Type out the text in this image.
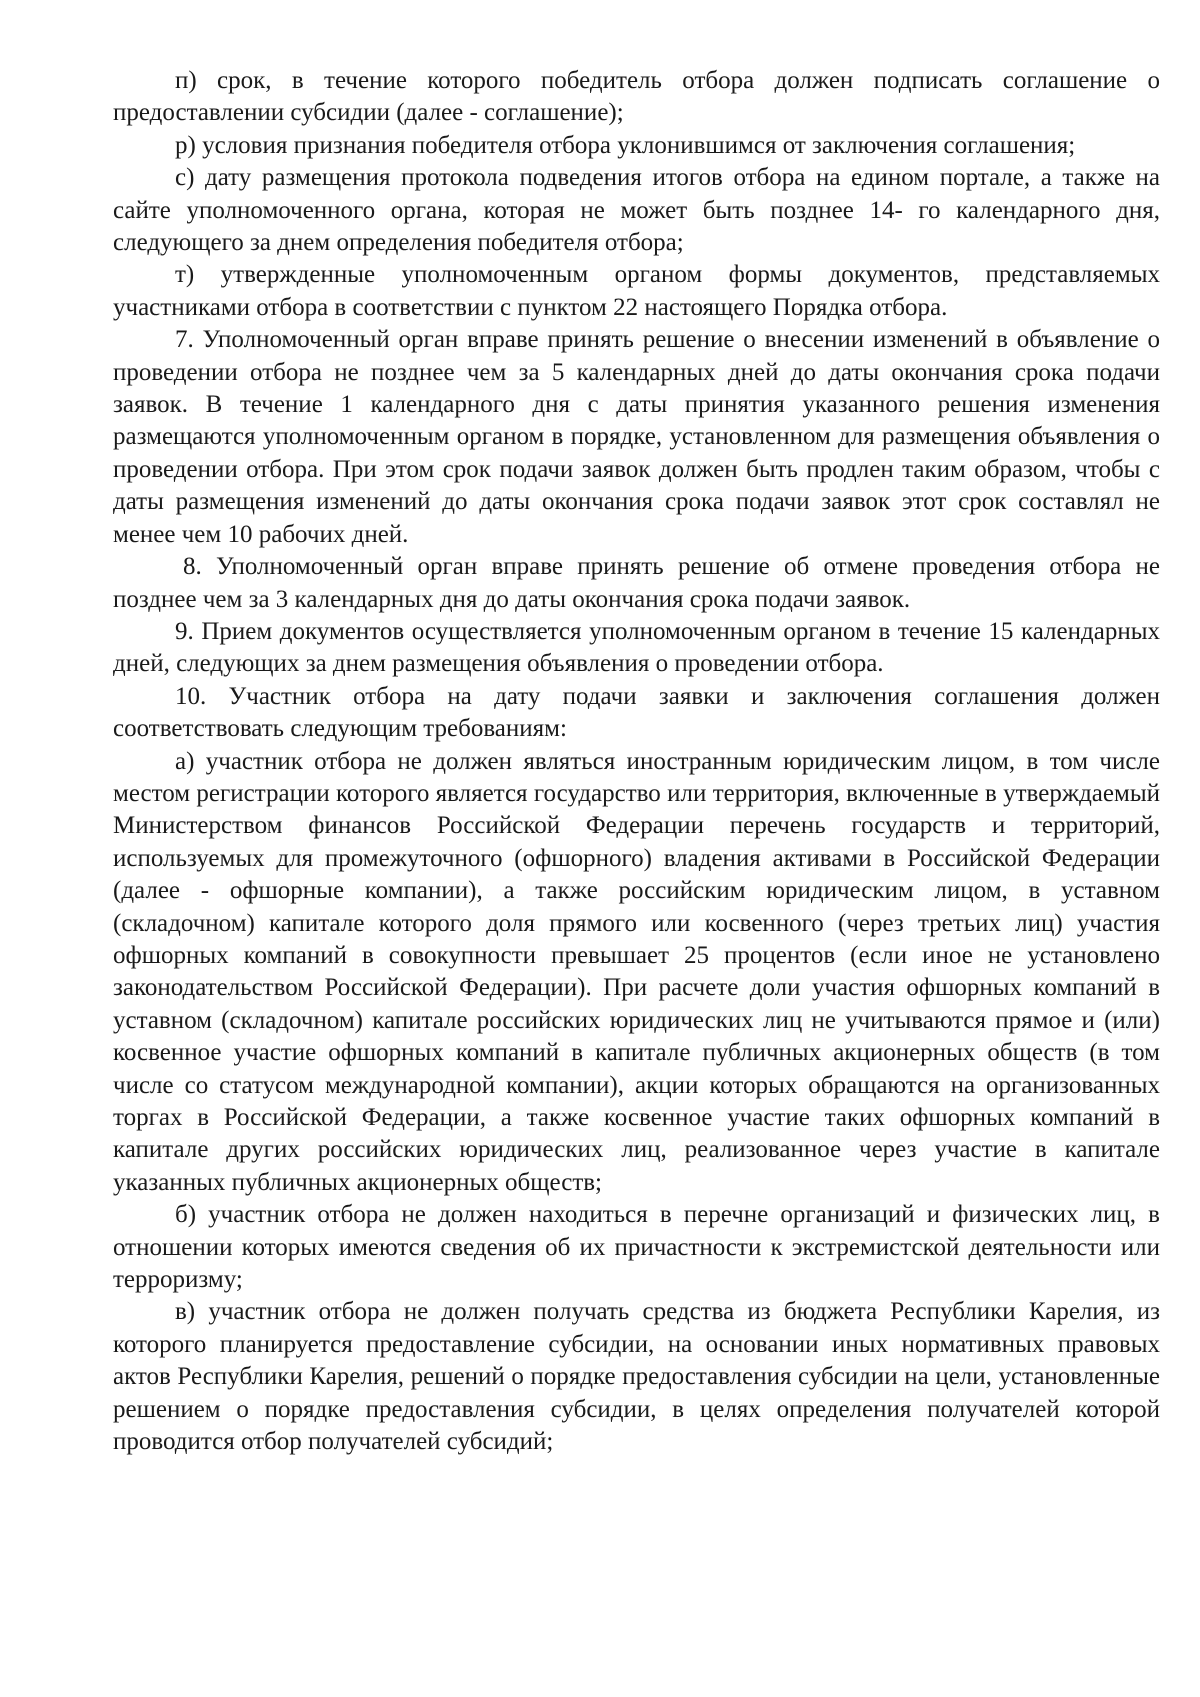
п) срок, в течение которого победитель отбора должен подписать соглашение о предоставлении субсидии (далее - соглашение);

р) условия признания победителя отбора уклонившимся от заключения соглашения;

с) дату размещения протокола подведения итогов отбора на едином портале, а также на сайте уполномоченного органа, которая не может быть позднее 14- го календарного дня, следующего за днем определения победителя отбора;

т) утвержденные уполномоченным органом формы документов, представляемых участниками отбора в соответствии с пунктом 22 настоящего Порядка отбора.

7. Уполномоченный орган вправе принять решение о внесении изменений в объявление о проведении отбора не позднее чем за 5 календарных дней до даты окончания срока подачи заявок. В течение 1 календарного дня с даты принятия указанного решения изменения размещаются уполномоченным органом в порядке, установленном для размещения объявления о проведении отбора. При этом срок подачи заявок должен быть продлен таким образом, чтобы с даты размещения изменений до даты окончания срока подачи заявок этот срок составлял не менее чем 10 рабочих дней.

8. Уполномоченный орган вправе принять решение об отмене проведения отбора не позднее чем за 3 календарных дня до даты окончания срока подачи заявок.

9. Прием документов осуществляется уполномоченным органом в течение 15 календарных дней, следующих за днем размещения объявления о проведении отбора.

10. Участник отбора на дату подачи заявки и заключения соглашения должен соответствовать следующим требованиям:

а) участник отбора не должен являться иностранным юридическим лицом, в том числе местом регистрации которого является государство или территория, включенные в утверждаемый Министерством финансов Российской Федерации перечень государств и территорий, используемых для промежуточного (офшорного) владения активами в Российской Федерации (далее - офшорные компании), а также российским юридическим лицом, в уставном (складочном) капитале которого доля прямого или косвенного (через третьих лиц) участия офшорных компаний в совокупности превышает 25 процентов (если иное не установлено законодательством Российской Федерации). При расчете доли участия офшорных компаний в уставном (складочном) капитале российских юридических лиц не учитываются прямое и (или) косвенное участие офшорных компаний в капитале публичных акционерных обществ (в том числе со статусом международной компании), акции которых обращаются на организованных торгах в Российской Федерации, а также косвенное участие таких офшорных компаний в капитале других российских юридических лиц, реализованное через участие в капитале указанных публичных акционерных обществ;

б) участник отбора не должен находиться в перечне организаций и физических лиц, в отношении которых имеются сведения об их причастности к экстремистской деятельности или терроризму;

в) участник отбора не должен получать средства из бюджета Республики Карелия, из которого планируется предоставление субсидии, на основании иных нормативных правовых актов Республики Карелия, решений о порядке предоставления субсидии на цели, установленные решением о порядке предоставления субсидии, в целях определения получателей которой проводится отбор получателей субсидий;
